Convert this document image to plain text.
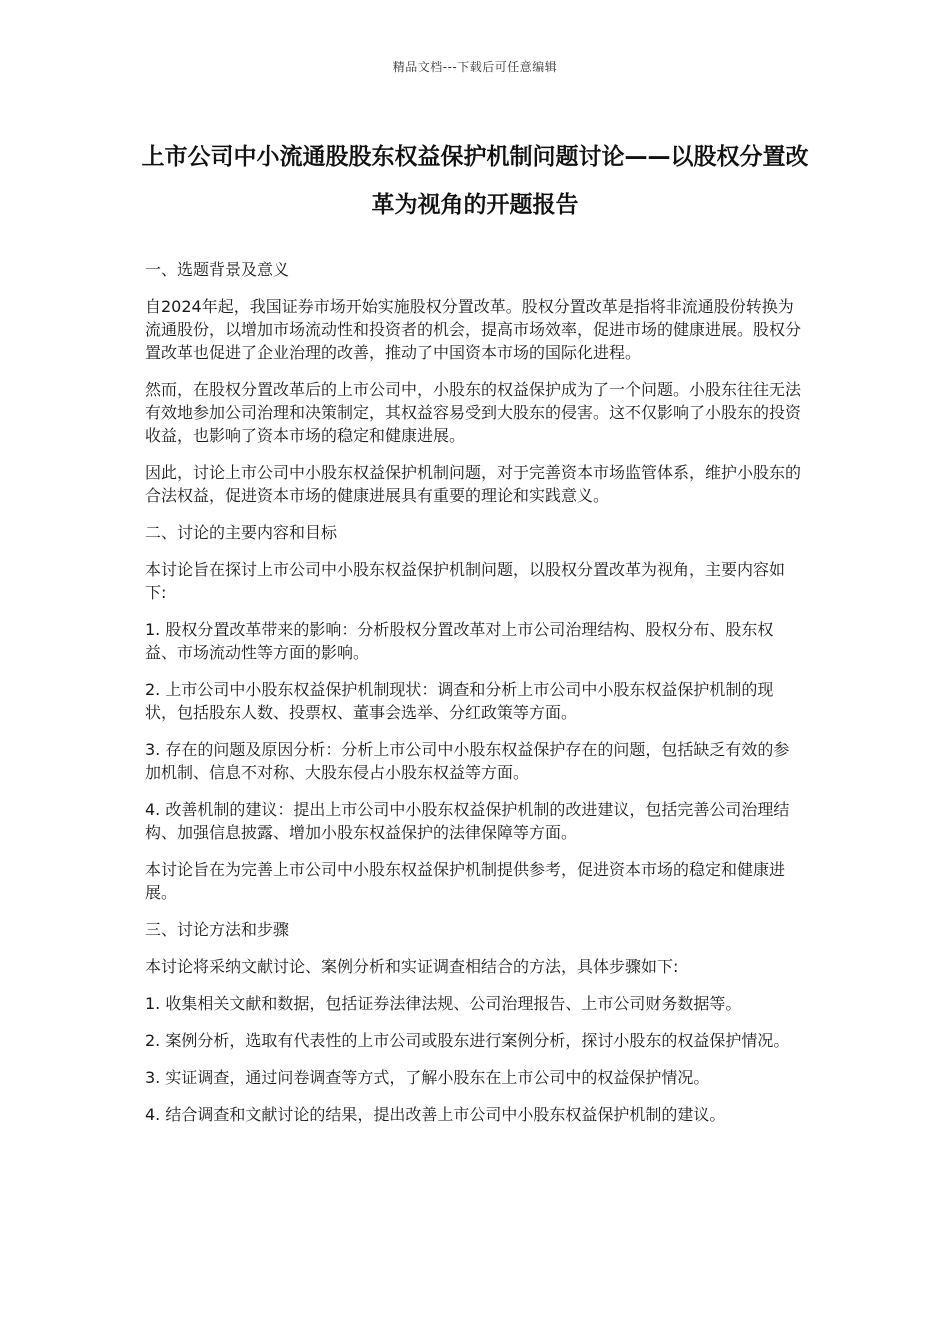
精品文档---下载后可任意编辑
上市公司中小流通股股东权益保护机制问题讨论——以股权分置改革为视角的开题报告

一、选题背景及意义

自2024年起，我国证券市场开始实施股权分置改革。股权分置改革是指将非流通股份转换为流通股份，以增加市场流动性和投资者的机会，提高市场效率，促进市场的健康进展。股权分置改革也促进了企业治理的改善，推动了中国资本市场的国际化进程。

然而，在股权分置改革后的上市公司中，小股东的权益保护成为了一个问题。小股东往往无法有效地参加公司治理和决策制定，其权益容易受到大股东的侵害。这不仅影响了小股东的投资收益，也影响了资本市场的稳定和健康进展。

因此，讨论上市公司中小股东权益保护机制问题，对于完善资本市场监管体系，维护小股东的合法权益，促进资本市场的健康进展具有重要的理论和实践意义。

二、讨论的主要内容和目标

本讨论旨在探讨上市公司中小股东权益保护机制问题，以股权分置改革为视角，主要内容如下:

1. 股权分置改革带来的影响：分析股权分置改革对上市公司治理结构、股权分布、股东权益、市场流动性等方面的影响。

2. 上市公司中小股东权益保护机制现状：调查和分析上市公司中小股东权益保护机制的现状，包括股东人数、投票权、董事会选举、分红政策等方面。

3. 存在的问题及原因分析：分析上市公司中小股东权益保护存在的问题，包括缺乏有效的参加机制、信息不对称、大股东侵占小股东权益等方面。

4. 改善机制的建议：提出上市公司中小股东权益保护机制的改进建议，包括完善公司治理结构、加强信息披露、增加小股东权益保护的法律保障等方面。

本讨论旨在为完善上市公司中小股东权益保护机制提供参考，促进资本市场的稳定和健康进展。

三、讨论方法和步骤

本讨论将采纳文献讨论、案例分析和实证调查相结合的方法，具体步骤如下:

1. 收集相关文献和数据，包括证券法律法规、公司治理报告、上市公司财务数据等。

2. 案例分析，选取有代表性的上市公司或股东进行案例分析，探讨小股东的权益保护情况。

3. 实证调查，通过问卷调查等方式，了解小股东在上市公司中的权益保护情况。

4. 结合调查和文献讨论的结果，提出改善上市公司中小股东权益保护机制的建议。
